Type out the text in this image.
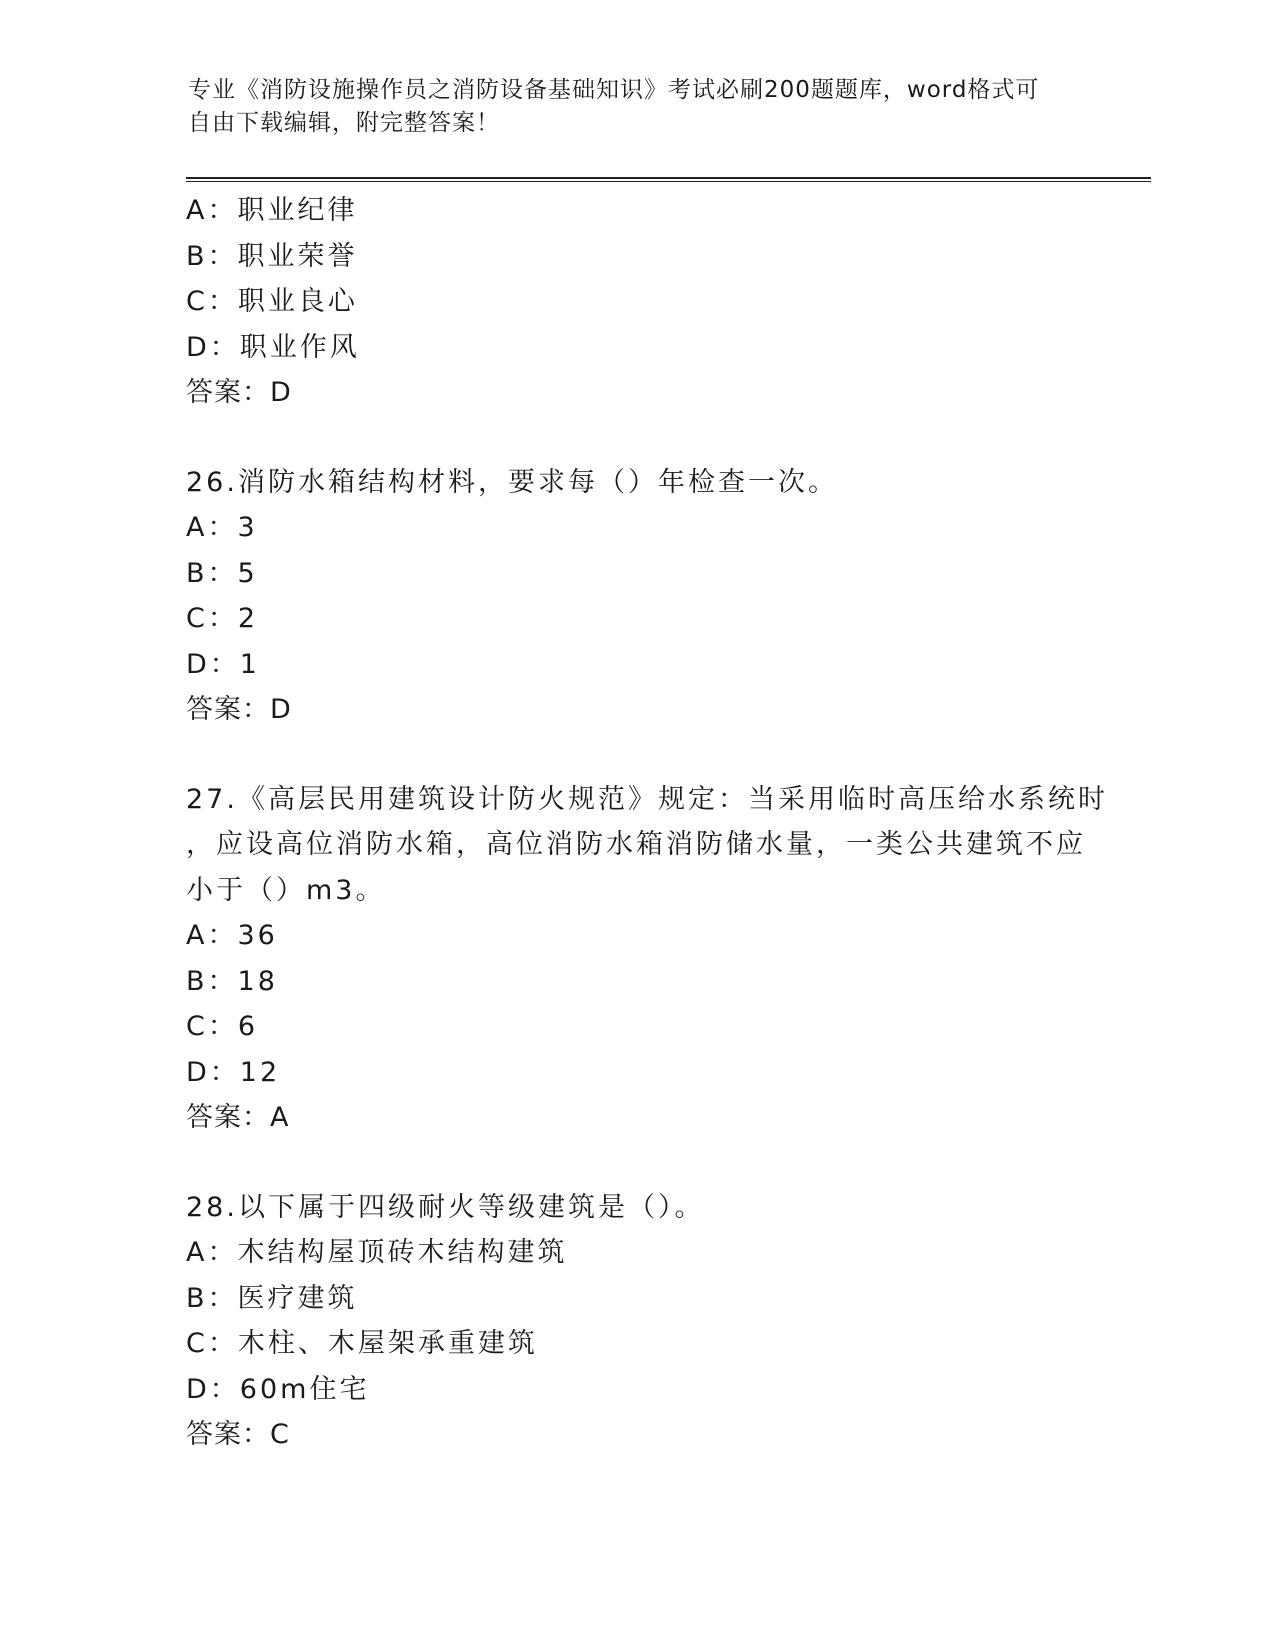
专业《消防设施操作员之消防设备基础知识》考试必刷200题题库，word格式可
自由下载编辑，附完整答案！
A：职业纪律
B：职业荣誉
C：职业良心
D：职业作风
答案：D
26.消防水箱结构材料，要求每（）年检查一次。
A：3
B：5
C：2
D：1
答案：D
27.《高层民用建筑设计防火规范》规定：当采用临时高压给水系统时
，应设高位消防水箱，高位消防水箱消防储水量，一类公共建筑不应
小于（）m3。
A：36
B：18
C：6
D：12
答案：A
28.以下属于四级耐火等级建筑是（）。
A：木结构屋顶砖木结构建筑
B：医疗建筑
C：木柱、木屋架承重建筑
D：60m住宅
答案：C
